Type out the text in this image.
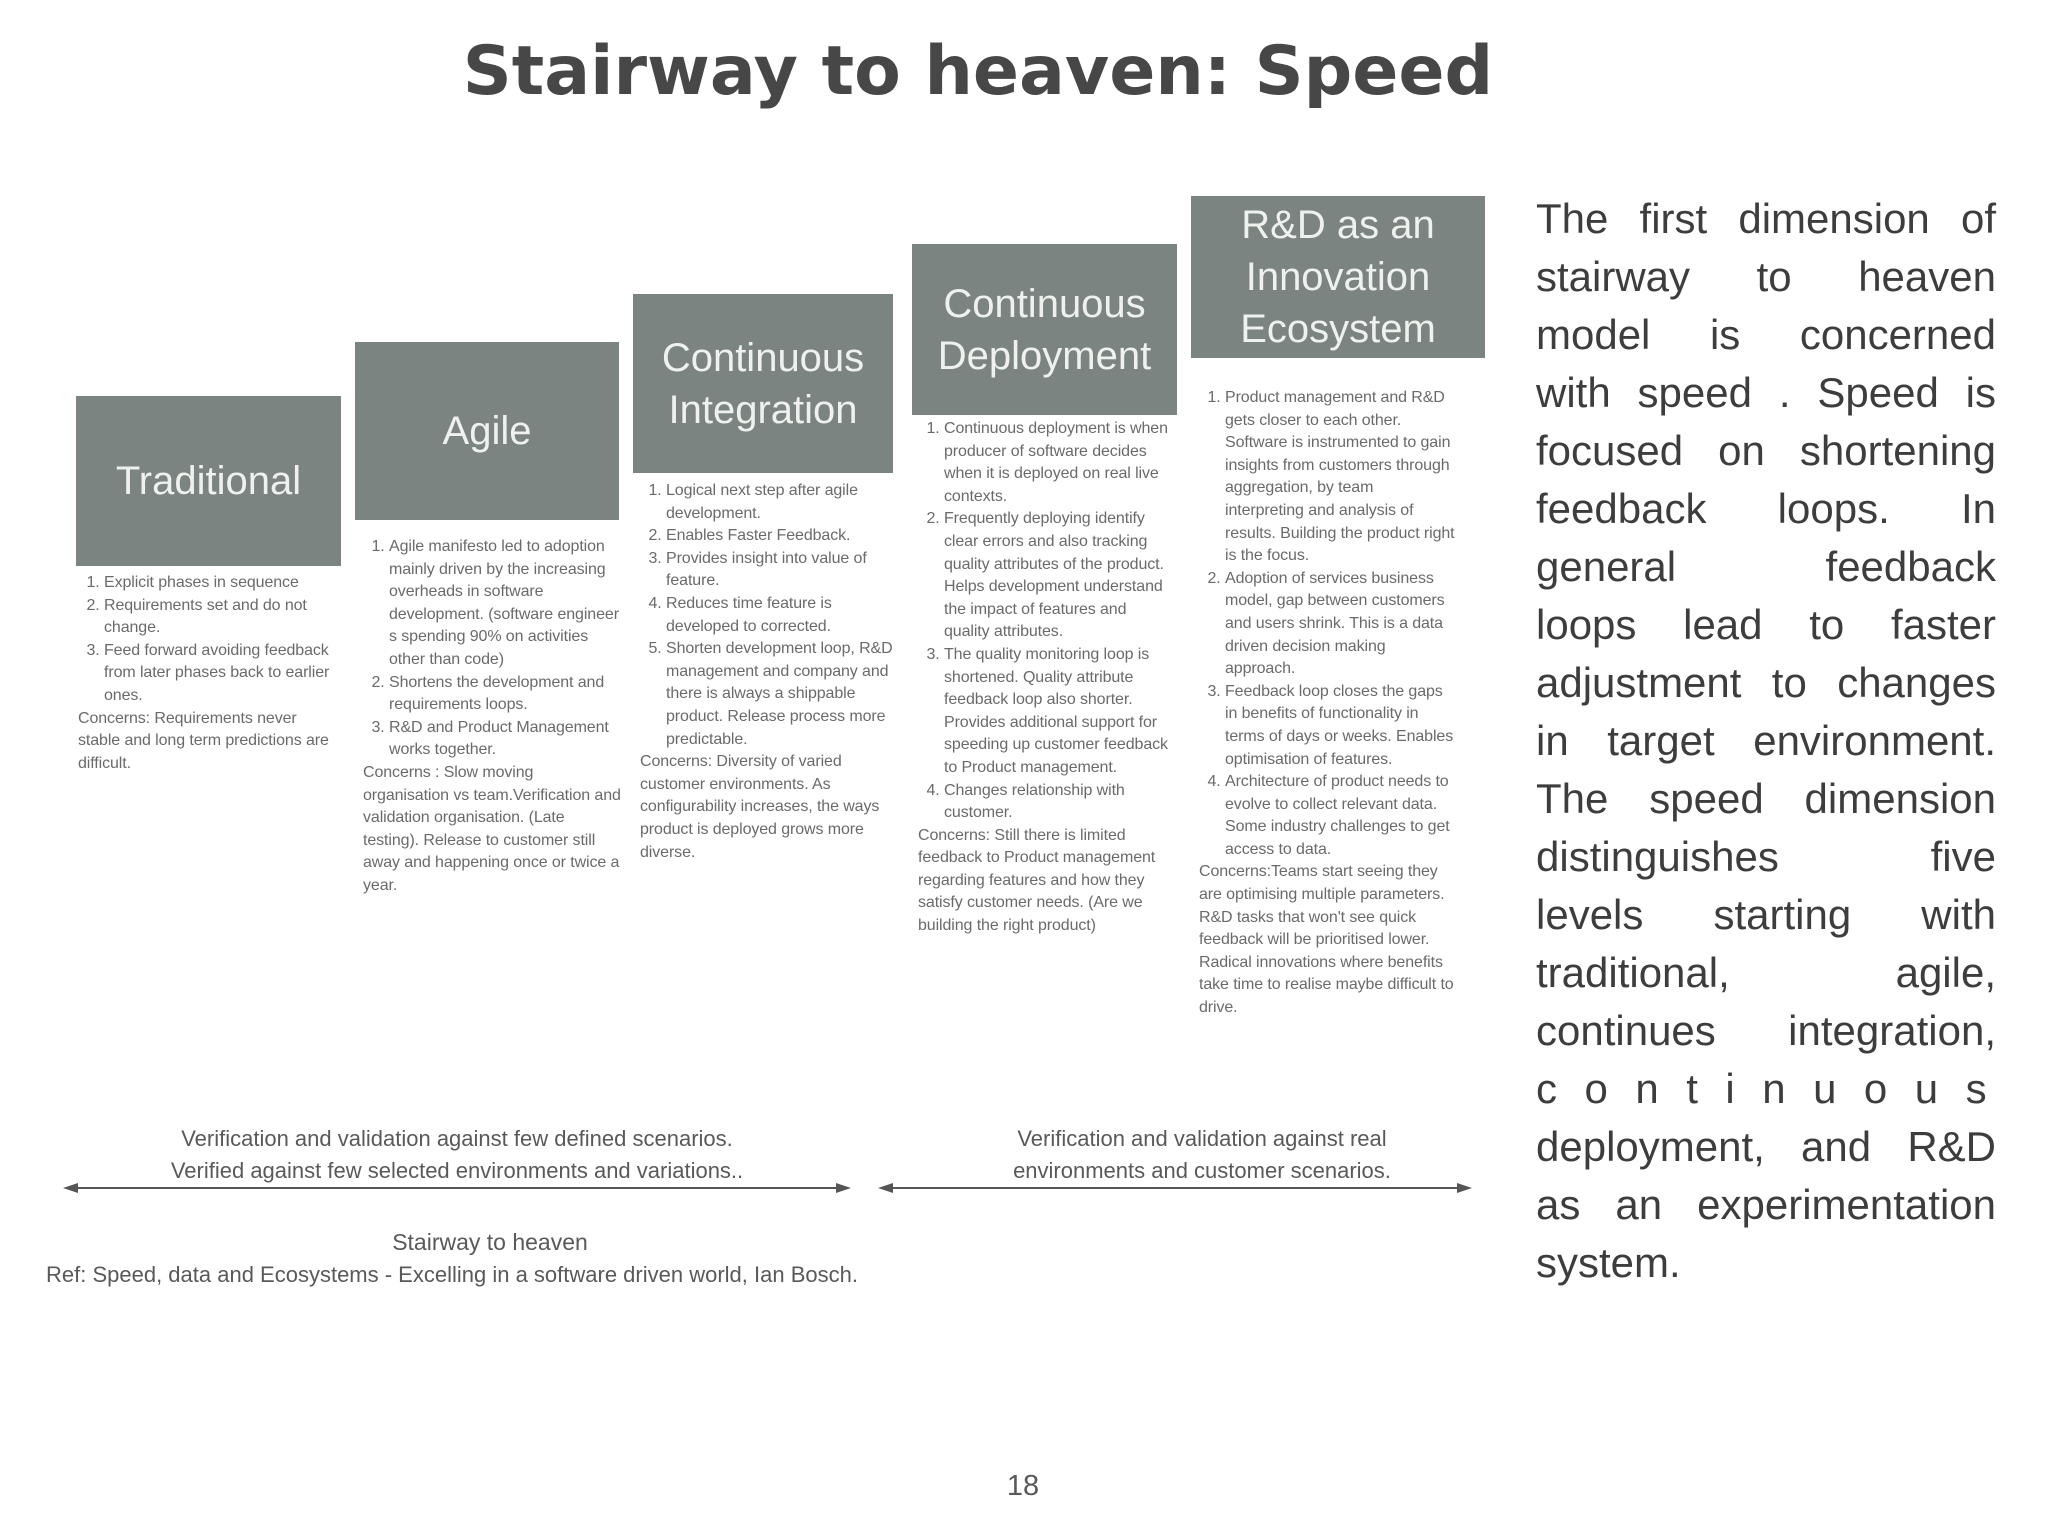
Stairway to heaven: Speed
Traditional
Agile
Continuous
Integration
Continuous
Deployment
R&D as an
Innovation
Ecosystem
1. Explicit phases in sequence
2. Requirements set and do not change.
3. Feed forward avoiding feedback from later phases back to earlier ones.

Concerns: Requirements never stable and long term predictions are difficult.

1. Agile manifesto led to adoption mainly driven by the increasing overheads in software development. (software engineer s spending 90% on activities other than code)
2. Shortens the development and requirements loops.
3. R&D and Product Management works together.

Concerns : Slow moving organisation vs team.Verification and validation organisation. (Late testing). Release to customer still away and happening once or twice a year.

1. Logical next step after agile development.
2. Enables Faster Feedback.
3. Provides insight into value of feature.
4. Reduces time feature is developed to corrected.
5. Shorten development loop, R&D management and company and there is always a shippable product. Release process more predictable.

Concerns: Diversity of varied customer environments. As configurability increases, the ways product is deployed grows more diverse.

1. Continuous deployment is when producer of software decides when it is deployed on real live contexts.
2. Frequently deploying identify clear errors and also tracking quality attributes of the product. Helps development understand the impact of features and quality attributes.
3. The quality monitoring loop is shortened. Quality attribute feedback loop also shorter. Provides additional support for speeding up customer feedback to Product management.
4. Changes relationship with customer.

Concerns: Still there is limited feedback to Product management regarding features and how they satisfy customer needs. (Are we building the right product)

1. Product management and R&D gets closer to each other. Software is instrumented to gain insights from customers through aggregation, by team interpreting and analysis of results. Building the product right is the focus.
2. Adoption of services business model, gap between customers and users shrink. This is a data driven decision making approach.
3. Feedback loop closes the gaps in benefits of functionality in terms of days or weeks. Enables optimisation of features.
4. Architecture of product needs to evolve to collect relevant data. Some industry challenges to get access to data.

Concerns:Teams start seeing they are optimising multiple parameters. R&D tasks that won't see quick feedback will be prioritised lower. Radical innovations where benefits take time to realise maybe difficult to drive.

Verification and validation against few defined scenarios.
Verified against few selected environments and variations..
Verification and validation against real
environments and customer scenarios.
Stairway to heaven
Ref: Speed, data and Ecosystems - Excelling in a software driven world, Ian Bosch.
The first dimension of
stairway to heaven
model is concerned
with speed . Speed is
focused on shortening
feedback loops. In
general feedback
loops lead to faster
adjustment to changes
in target environment.
The speed dimension
distinguishes five
levels starting with
traditional, agile,
continues integration,
continuous
deployment, and R&D
as an experimentation
system.
18
